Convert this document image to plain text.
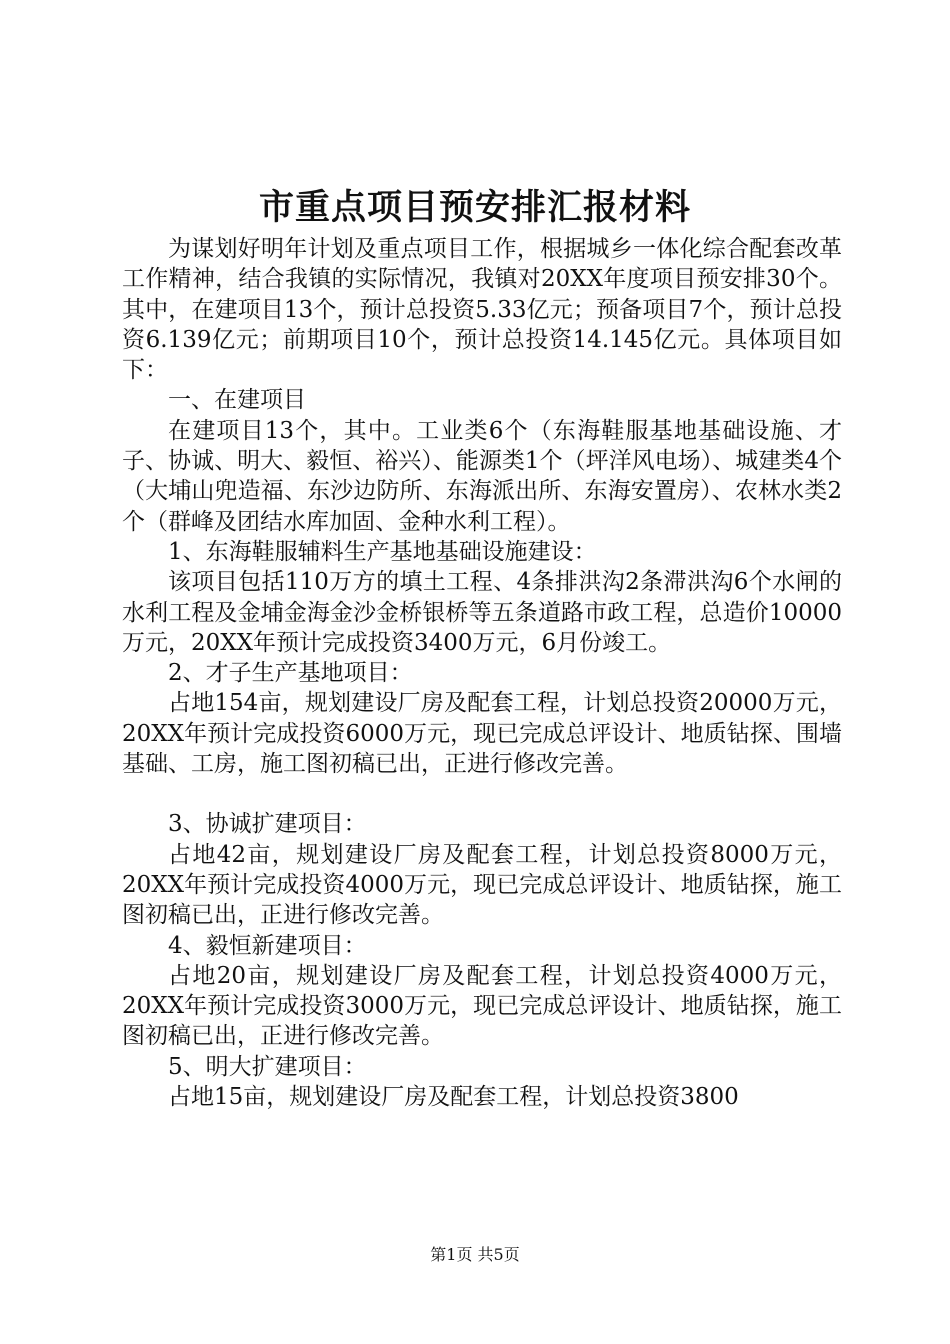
市重点项目预安排汇报材料

为谋划好明年计划及重点项目工作，根据城乡一体化综合配套改革工作精神，结合我镇的实际情况，我镇对20XX年度项目预安排30个。其中，在建项目13个，预计总投资5.33亿元；预备项目7个，预计总投资6.139亿元；前期项目10个，预计总投资14.145亿元。具体项目如下：

一、在建项目

在建项目13个，其中。工业类6个（东海鞋服基地基础设施、才子、协诚、明大、毅恒、裕兴）、能源类1个（坪洋风电场）、城建类4个（大埔山兜造福、东沙边防所、东海派出所、东海安置房）、农林水类2个（群峰及团结水库加固、金种水利工程）。

1、东海鞋服辅料生产基地基础设施建设：

该项目包括110万方的填土工程、4条排洪沟2条滞洪沟6个水闸的水利工程及金埔金海金沙金桥银桥等五条道路市政工程，总造价10000万元，20XX年预计完成投资3400万元，6月份竣工。

2、才子生产基地项目：

占地154亩，规划建设厂房及配套工程，计划总投资20000万元，20XX年预计完成投资6000万元，现已完成总评设计、地质钻探、围墙基础、工房，施工图初稿已出，正进行修改完善。

3、协诚扩建项目：

占地42亩，规划建设厂房及配套工程，计划总投资8000万元，20XX年预计完成投资4000万元，现已完成总评设计、地质钻探，施工图初稿已出，正进行修改完善。

4、毅恒新建项目：

占地20亩，规划建设厂房及配套工程，计划总投资4000万元，20XX年预计完成投资3000万元，现已完成总评设计、地质钻探，施工图初稿已出，正进行修改完善。

5、明大扩建项目：

占地15亩，规划建设厂房及配套工程，计划总投资3800

第1页 共5页
